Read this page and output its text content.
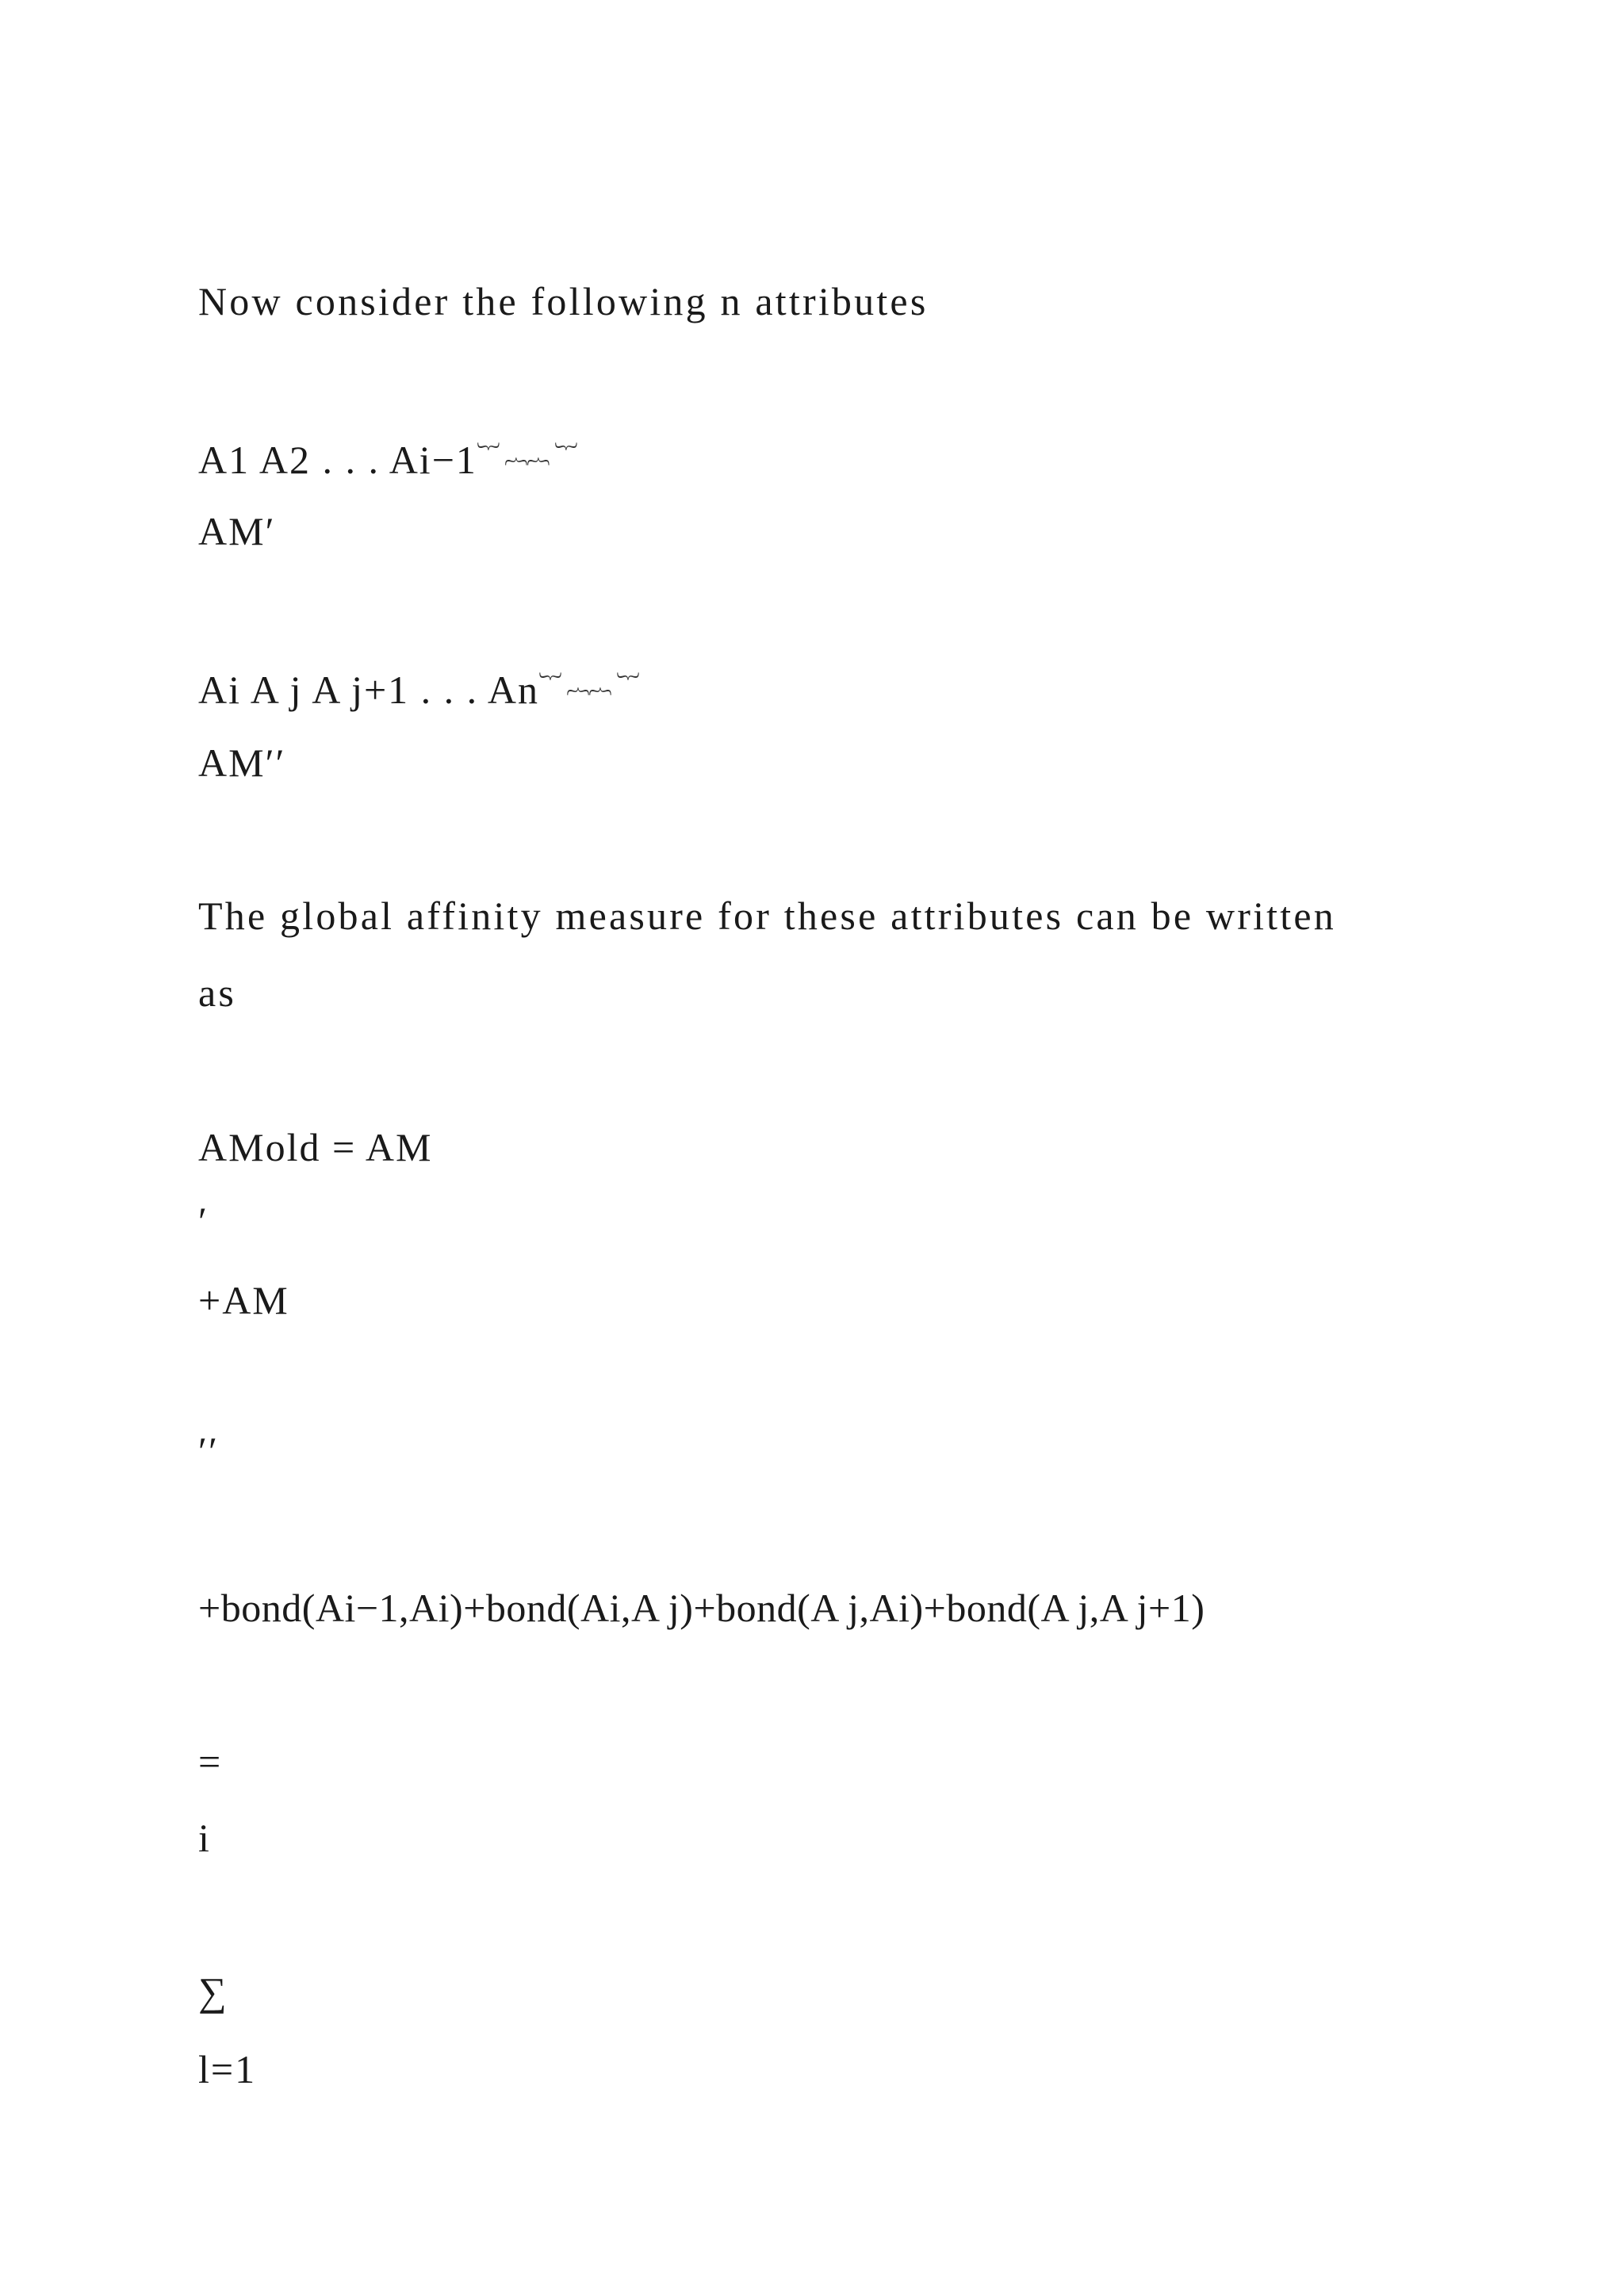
Now consider the following n attributes
A1 A2 . . . Ai−1︸ ︷︷ ︸
AM′
Ai A j A j+1 . . . An︸ ︷︷ ︸
AM′′
The global affinity measure for these attributes can be written
as
AMold = AM
′
+AM
′′
+bond(Ai−1,Ai)+bond(Ai,A j)+bond(A j,Ai)+bond(A j,A j+1)
=
i
∑
l=1
